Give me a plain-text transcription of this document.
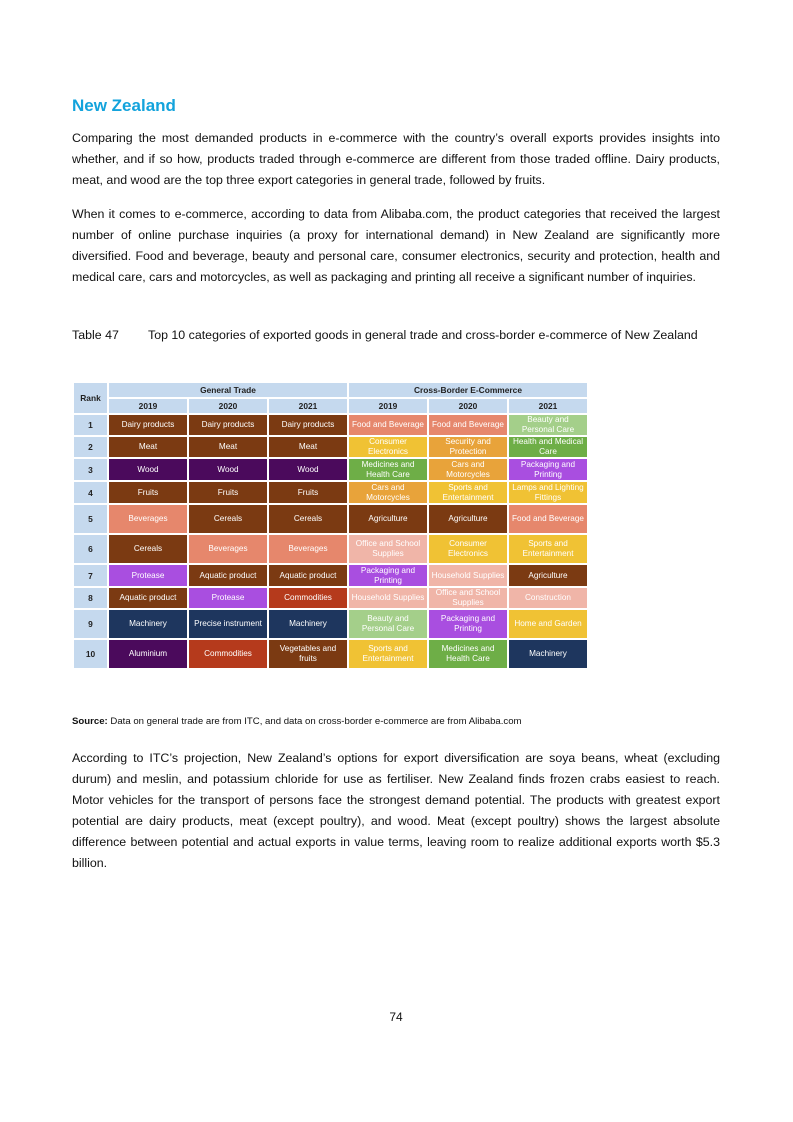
New Zealand

Comparing the most demanded products in e-commerce with the country’s overall exports provides insights into whether, and if so how, products traded through e-commerce are different from those traded offline. Dairy products, meat, and wood are the top three export categories in general trade, followed by fruits.

When it comes to e-commerce, according to data from Alibaba.com, the product categories that received the largest number of online purchase inquiries (a proxy for international demand) in New Zealand are significantly more diversified. Food and beverage, beauty and personal care, consumer electronics, security and protection, health and medical care, cars and motorcycles, as well as packaging and printing all receive a significant number of inquiries.

Table 47 Top 10 categories of exported goods in general trade and cross-border e-commerce of New Zealand
Source: Data on general trade are from ITC, and data on cross-border e-commerce are from Alibaba.com

According to ITC’s projection, New Zealand’s options for export diversification are soya beans, wheat (excluding durum) and meslin, and potassium chloride for use as fertiliser. New Zealand finds frozen crabs easiest to reach. Motor vehicles for the transport of persons face the strongest demand potential. The products with greatest export potential are dairy products, meat (except poultry), and wood. Meat (except poultry) shows the largest absolute difference between potential and actual exports in value terms, leaving room to realize additional exports worth $5.3 billion.

74
Rank	General Trade			Cross-Border E-Commerce		
	2019	2020	2021	2019	2020	2021
1	Dairy products	Dairy products	Dairy products	Food and Beverage	Food and Beverage	Beauty and Personal Care
2	Meat	Meat	Meat	Consumer Electronics	Security and Protection	Health and Medical Care
3	Wood	Wood	Wood	Medicines and Health Care	Cars and Motorcycles	Packaging and Printing
4	Fruits	Fruits	Fruits	Cars and Motorcycles	Sports and Entertainment	Lamps and Lighting Fittings
5	Beverages	Cereals	Cereals	Agriculture	Agriculture	Food and Beverage
6	Cereals	Beverages	Beverages	Office and School Supplies	Consumer Electronics	Sports and Entertainment
7	Protease	Aquatic product	Aquatic product	Packaging and Printing	Household Supplies	Agriculture
8	Aquatic product	Protease	Commodities	Household Supplies	Office and School Supplies	Construction
9	Machinery	Precise instrument	Machinery	Beauty and Personal Care	Packaging and Printing	Home and Garden
10	Aluminium	Commodities	Vegetables and fruits	Sports and Entertainment	Medicines and Health Care	Machinery
